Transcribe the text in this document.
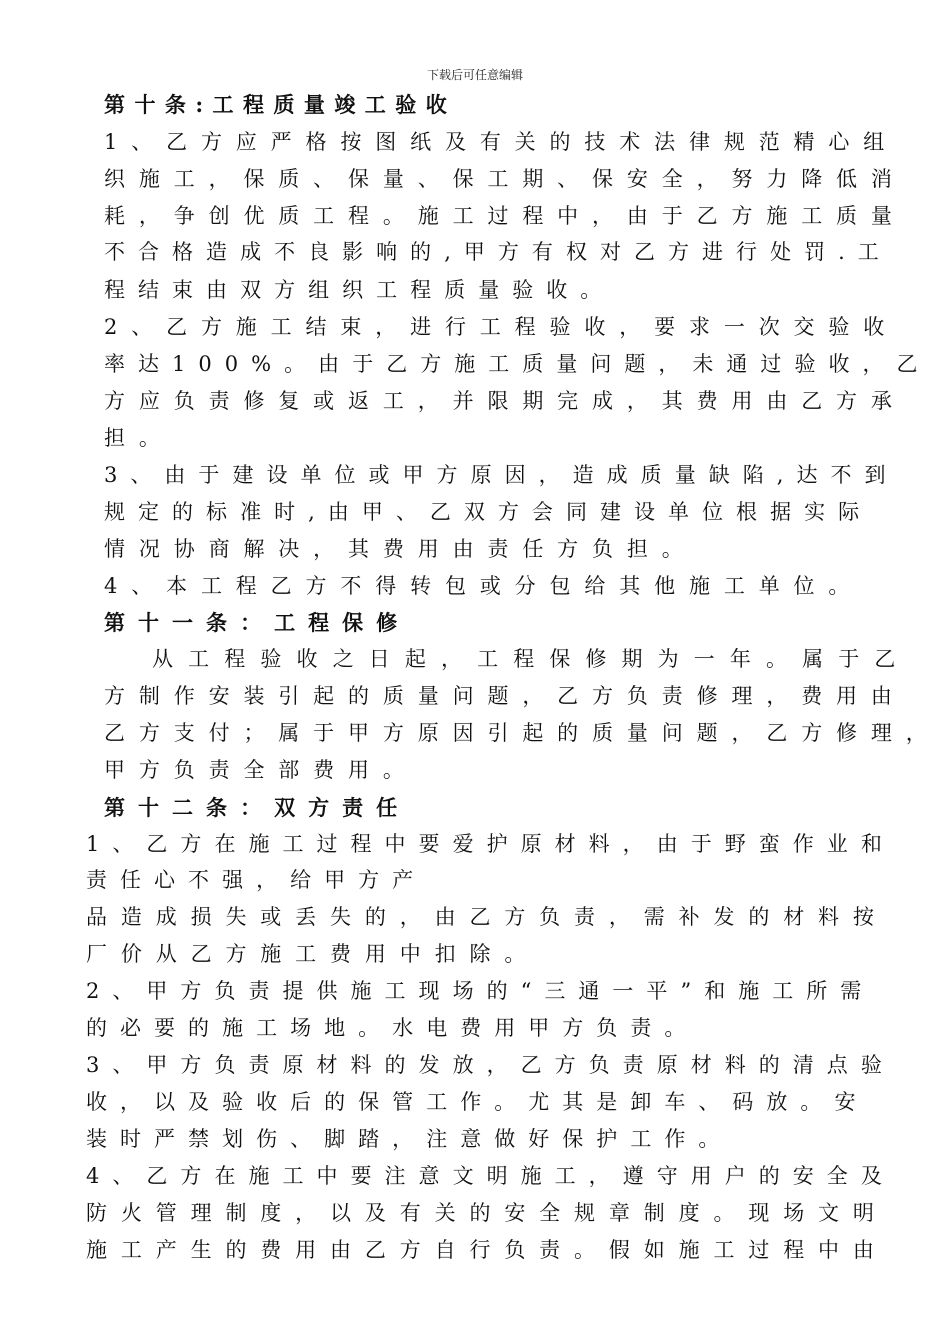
下载后可任意编辑
第十条:工程质量竣工验收
1、乙方应严格按图纸及有关的技术法律规范精心组
织施工，保质、保量、保工期、保安全，努力降低消
耗，争创优质工程。施工过程中，由于乙方施工质量
不合格造成不良影响的,甲方有权对乙方进行处罚.工
程结束由双方组织工程质量验收。
2、乙方施工结束，进行工程验收，要求一次交验收
率达100%。由于乙方施工质量问题，未通过验收，乙
方应负责修复或返工，并限期完成，其费用由乙方承
担。
3、由于建设单位或甲方原因，造成质量缺陷,达不到
规定的标准时,由甲、乙双方会同建设单位根据实际
情况协商解决，其费用由责任方负担。
4、本工程乙方不得转包或分包给其他施工单位。
第十一条：工程保修
从工程验收之日起，工程保修期为一年。属于乙
方制作安装引起的质量问题，乙方负责修理，费用由
乙方支付；属于甲方原因引起的质量问题，乙方修理，
甲方负责全部费用。
第十二条：双方责任
1、乙方在施工过程中要爱护原材料，由于野蛮作业和
责任心不强，给甲方产
品造成损失或丢失的，由乙方负责，需补发的材料按
厂价从乙方施工费用中扣除。
2、甲方负责提供施工现场的“三通一平”和施工所需
的必要的施工场地。水电费用甲方负责。
3、甲方负责原材料的发放，乙方负责原材料的清点验
收，以及验收后的保管工作。尤其是卸车、码放。安
装时严禁划伤、脚踏，注意做好保护工作。
4、乙方在施工中要注意文明施工，遵守用户的安全及
防火管理制度，以及有关的安全规章制度。现场文明
施工产生的费用由乙方自行负责。假如施工过程中由
